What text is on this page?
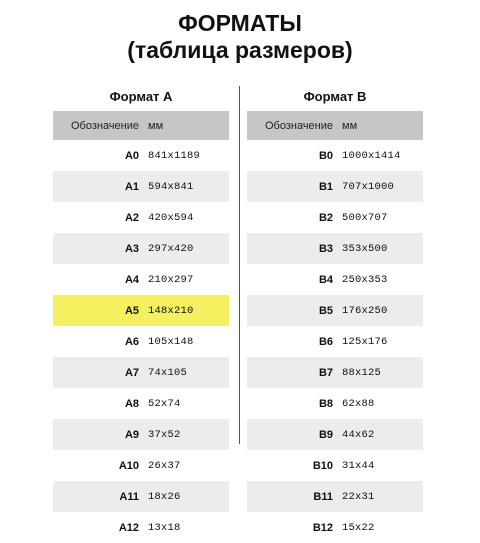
ФОРМАТЫ
(таблица размеров)
Формат А
Обозначение мм
A0 841x1189
A1 594x841
A2 420x594
A3 297x420
A4 210x297
A5 148x210
A6 105x148
A7 74x105
A8 52x74
A9 37x52
A10 26x37
A11 18x26
A12 13x18
Формат В
Обозначение мм
B0 1000x1414
B1 707x1000
B2 500x707
B3 353x500
B4 250x353
B5 176x250
B6 125x176
B7 88x125
B8 62x88
B9 44x62
B10 31x44
B11 22x31
B12 15x22
